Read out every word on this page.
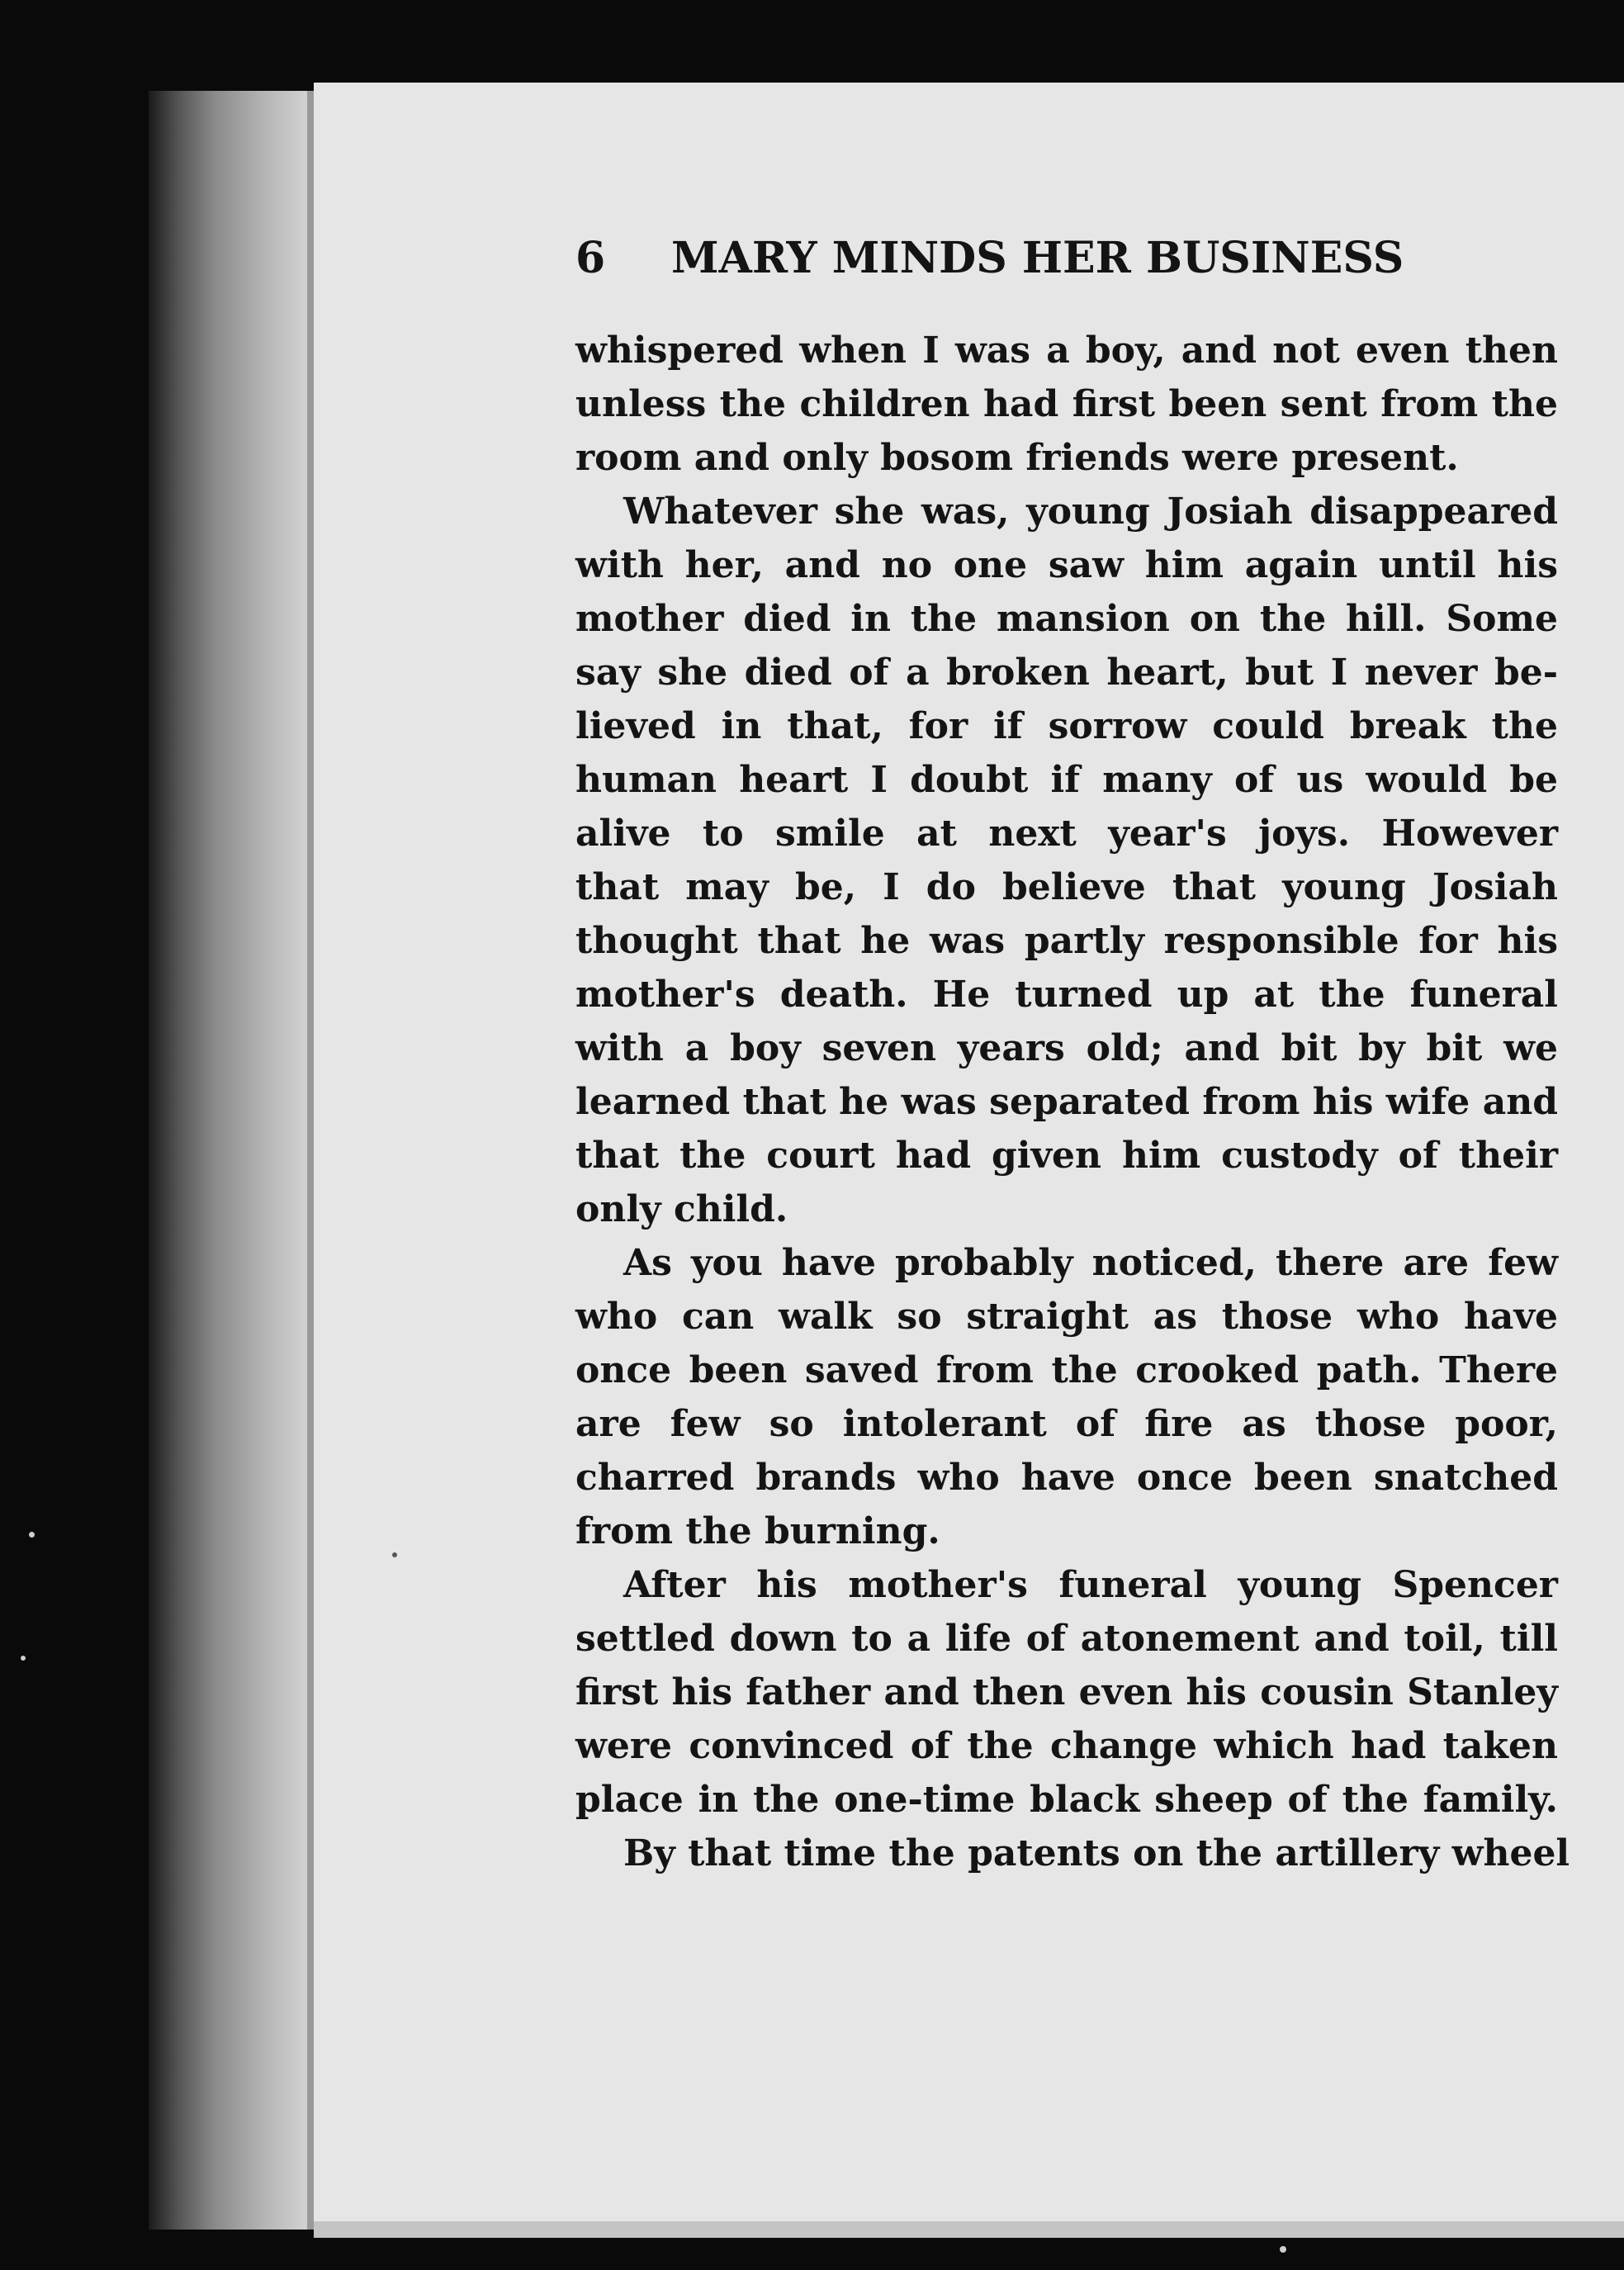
6 MARY MINDS HER BUSINESS
whispered when I was a boy, and not even then
unless the children had first been sent from the
room and only bosom friends were present.
Whatever she was, young Josiah disappeared
with her, and no one saw him again until his
mother died in the mansion on the hill. Some
say she died of a broken heart, but I never be-
lieved in that, for if sorrow could break the
human heart I doubt if many of us would be
alive to smile at next year's joys. However
that may be, I do believe that young Josiah
thought that he was partly responsible for his
mother's death. He turned up at the funeral
with a boy seven years old; and bit by bit we
learned that he was separated from his wife and
that the court had given him custody of their
only child.
As you have probably noticed, there are few
who can walk so straight as those who have
once been saved from the crooked path. There
are few so intolerant of fire as those poor,
charred brands who have once been snatched
from the burning.
After his mother's funeral young Spencer
settled down to a life of atonement and toil, till
first his father and then even his cousin Stanley
were convinced of the change which had taken
place in the one-time black sheep of the family.
By that time the patents on the artillery wheel
